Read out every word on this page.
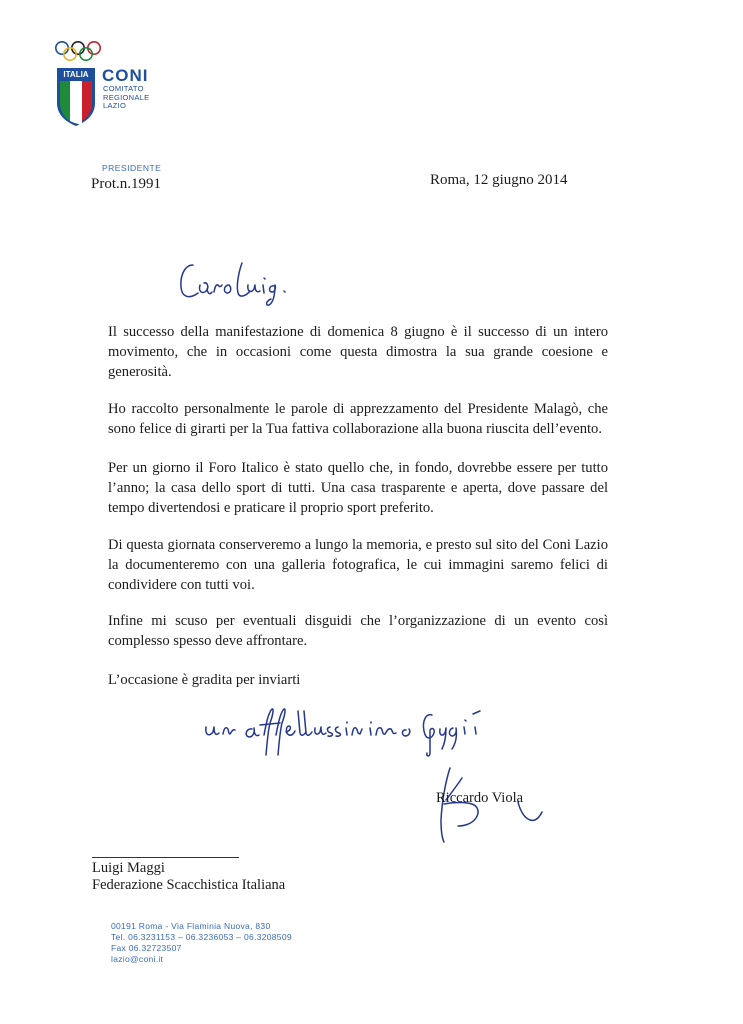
ITALIA CONI
COMITATO
REGIONALE
LAZIO
PRESIDENTE
Prot.n.1991	Roma, 12 giugno 2014

Il successo della manifestazione di domenica 8 giugno è il successo di un intero movimento, che in occasioni come questa dimostra la sua grande coesione e generosità.

Ho raccolto personalmente le parole di apprezzamento del Presidente Malagò, che sono felice di girarti per la Tua fattiva collaborazione alla buona riuscita dell’evento.

Per un giorno il Foro Italico è stato quello che, in fondo, dovrebbe essere per tutto l’anno; la casa dello sport di tutti. Una casa trasparente e aperta, dove passare del tempo divertendosi e praticare il proprio sport preferito.

Di questa giornata conserveremo a lungo la memoria, e presto sul sito del Coni Lazio la documenteremo con una galleria fotografica, le cui immagini saremo felici di condividere con tutti voi.

Infine mi scuso per eventuali disguidi che l’organizzazione di un evento così complesso spesso deve affrontare.

L’occasione è gradita per inviarti

Riccardo Viola
Luigi Maggi
Federazione Scacchistica Italiana
00191 Roma - Via Flaminia Nuova, 830
Tel. 06.3231153 – 06.3236053 – 06.3208509
Fax 06.32723507
lazio@coni.it
